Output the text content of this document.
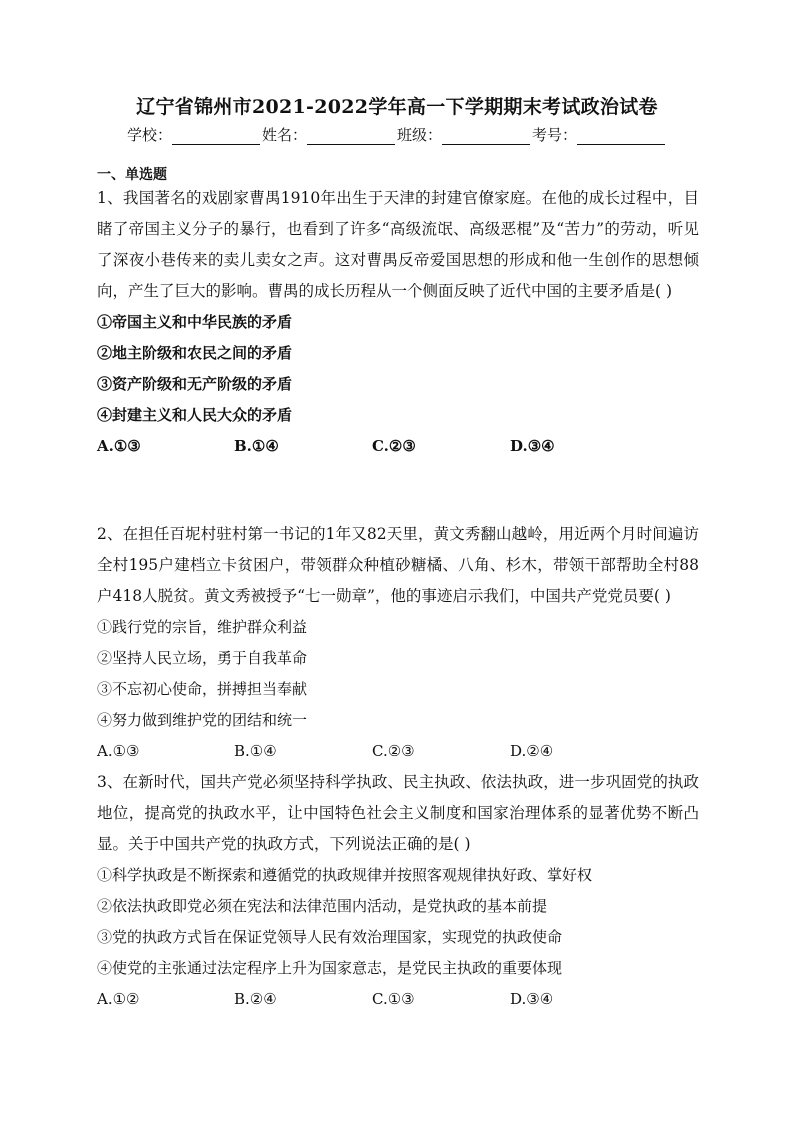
辽宁省锦州市2021-2022学年高一下学期期末考试政治试卷
学校：	姓名：	班级：	考号：
一、单选题

1、我国著名的戏剧家曹禺1910年出生于天津的封建官僚家庭。在他的成长过程中，目睹了帝国主义分子的暴行，也看到了许多“高级流氓、高级恶棍”及“苦力”的劳动，听见了深夜小巷传来的卖儿卖女之声。这对曹禺反帝爱国思想的形成和他一生创作的思想倾向，产生了巨大的影响。曹禺的成长历程从一个侧面反映了近代中国的主要矛盾是( )

①帝国主义和中华民族的矛盾
②地主阶级和农民之间的矛盾
③资产阶级和无产阶级的矛盾
④封建主义和人民大众的矛盾
A.①③	B.①④	C.②③	D.③④

2、在担任百坭村驻村第一书记的1年又82天里，黄文秀翻山越岭，用近两个月时间遍访全村195户建档立卡贫困户，带领群众种植砂糖橘、八角、杉木，带领干部帮助全村88户418人脱贫。黄文秀被授予“七一勋章”，他的事迹启示我们，中国共产党党员要( )

①践行党的宗旨，维护群众利益
②坚持人民立场，勇于自我革命
③不忘初心使命，拼搏担当奉献
④努力做到维护党的团结和统一
A.①③	B.①④	C.②③	D.②④

3、在新时代，国共产党必须坚持科学执政、民主执政、依法执政，进一步巩固党的执政地位，提高党的执政水平，让中国特色社会主义制度和国家治理体系的显著优势不断凸显。关于中国共产党的执政方式，下列说法正确的是( )

①科学执政是不断探索和遵循党的执政规律并按照客观规律执好政、掌好权
②依法执政即党必须在宪法和法律范围内活动，是党执政的基本前提
③党的执政方式旨在保证党领导人民有效治理国家，实现党的执政使命
④使党的主张通过法定程序上升为国家意志，是党民主执政的重要体现
A.①②	B.②④	C.①③	D.③④
